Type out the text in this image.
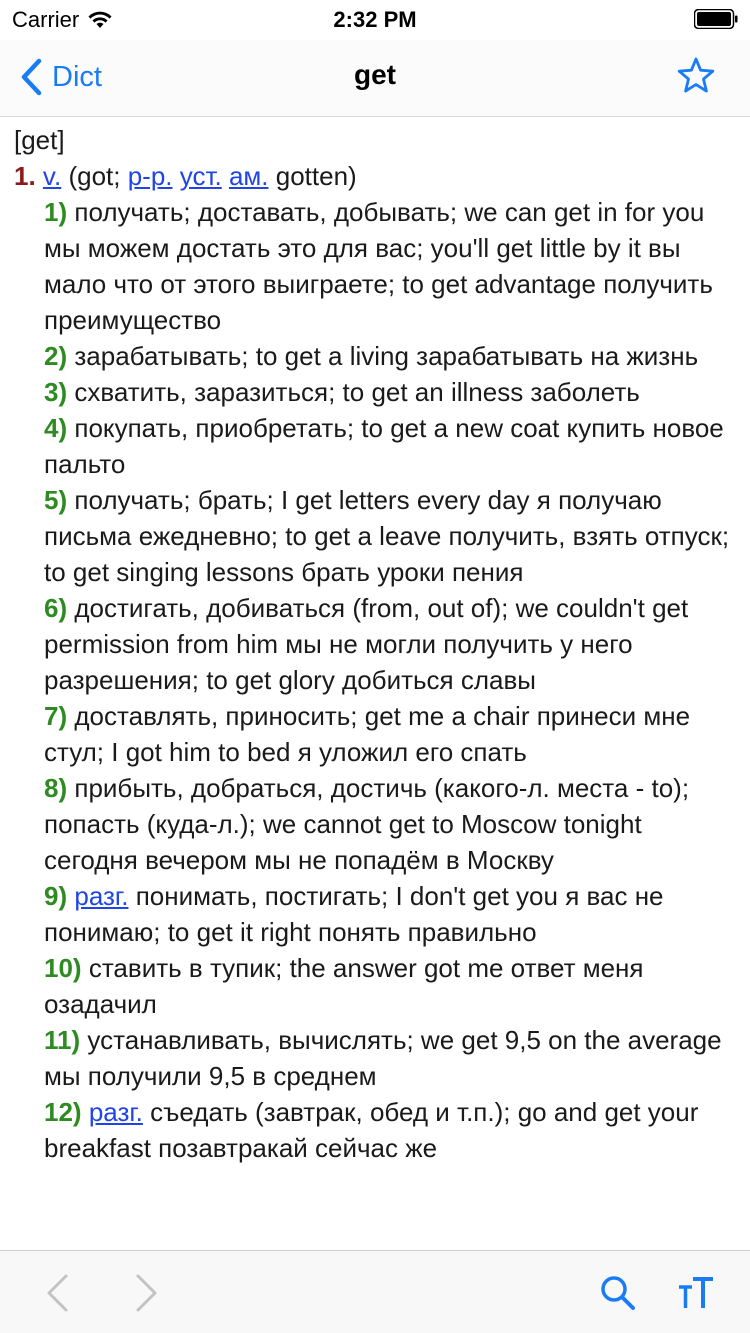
Carrier	2:32 PM
Dict	get

[get]

1. v. (got; p-p. уст. ам. gotten)

1) получать; доставать, добывать; we can get in for you мы можем достать это для вас; you'll get little by it вы мало что от этого выиграете; to get advantage получить преимущество

2) зарабатывать; to get a living зарабатывать на жизнь

3) схватить, заразиться; to get an illness заболеть

4) покупать, приобретать; to get a new coat купить новое пальто

5) получать; брать; I get letters every day я получаю письма ежедневно; to get a leave получить, взять отпуск; to get singing lessons брать уроки пения

6) достигать, добиваться (from, out of); we couldn't get permission from him мы не могли получить у него разрешения; to get glory добиться славы

7) доставлять, приносить; get me a chair принеси мне стул; I got him to bed я уложил его спать

8) прибыть, добраться, достичь (какого-л. места - to); попасть (куда-л.); we cannot get to Moscow tonight сегодня вечером мы не попадём в Москву

9) разг. понимать, постигать; I don't get you я вас не понимаю; to get it right понять правильно

10) ставить в тупик; the answer got me ответ меня озадачил

11) устанавливать, вычислять; we get 9,5 on the average мы получили 9,5 в среднем

12) разг. съедать (завтрак, обед и т.п.); go and get your breakfast позавтракай сейчас же
